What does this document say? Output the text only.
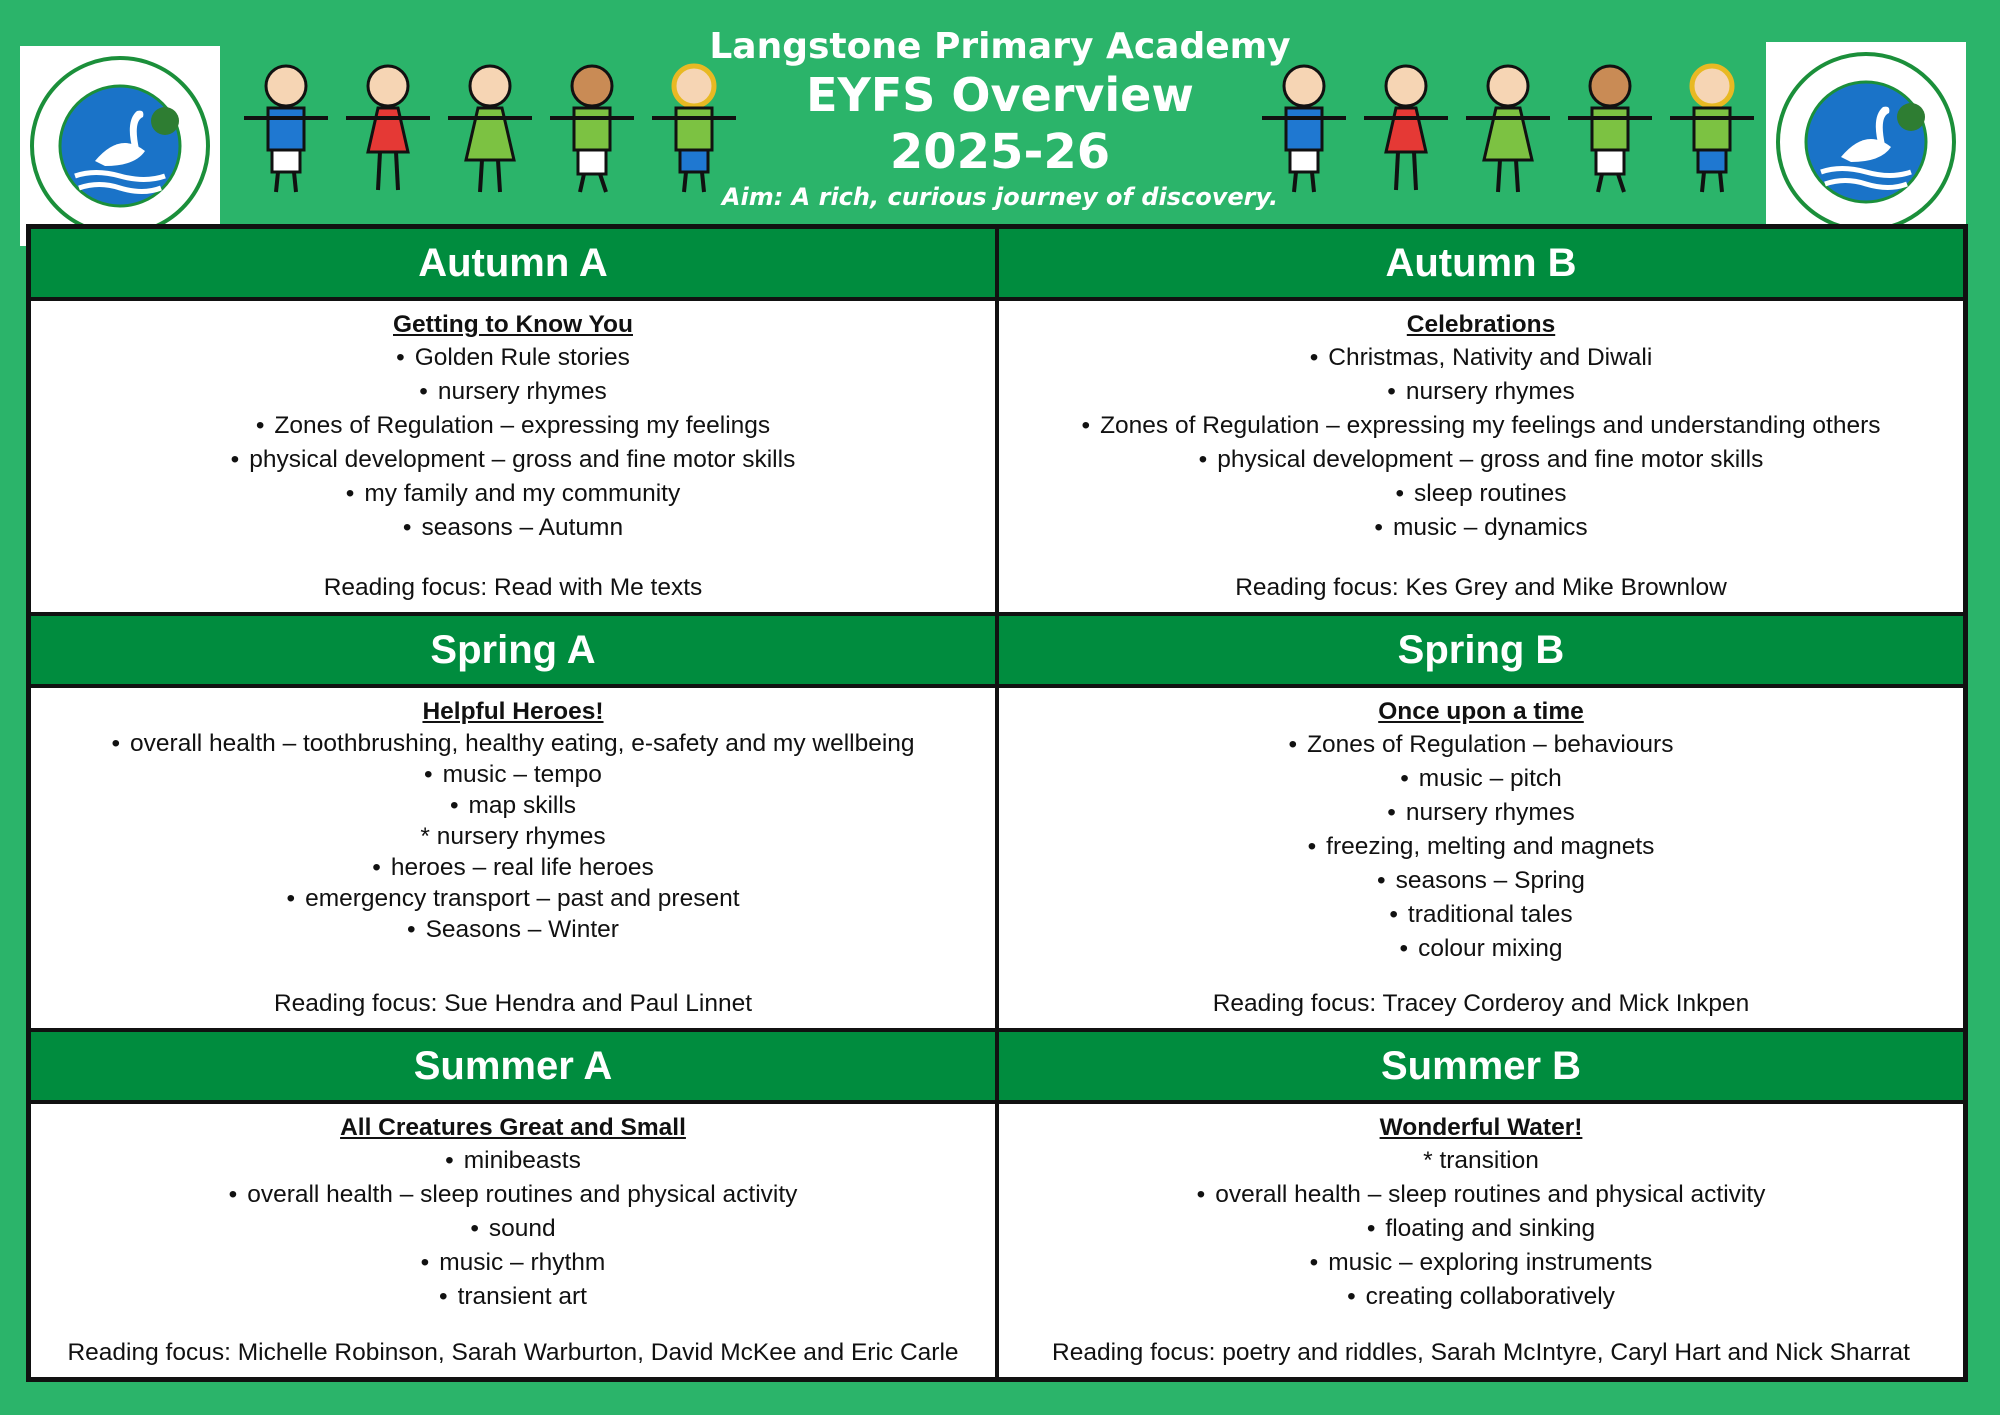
Langstone Primary Academy
EYFS Overview
2025-26
Aim: A rich, curious journey of discovery.
Autumn A	Autumn B
Getting to Know You
• Golden Rule stories
• nursery rhymes
• Zones of Regulation – expressing my feelings
• physical development – gross and fine motor skills
• my family and my community
• seasons – Autumn
Reading focus: Read with Me texts
Celebrations
• Christmas, Nativity and Diwali
• nursery rhymes
• Zones of Regulation – expressing my feelings and understanding others
• physical development – gross and fine motor skills
• sleep routines
• music – dynamics
Reading focus: Kes Grey and Mike Brownlow
Spring A	Spring B
Helpful Heroes!
• overall health – toothbrushing, healthy eating, e-safety and my wellbeing
• music – tempo
• map skills
* nursery rhymes
• heroes – real life heroes
• emergency transport – past and present
• Seasons – Winter
Reading focus: Sue Hendra and Paul Linnet
Once upon a time
• Zones of Regulation – behaviours
• music – pitch
• nursery rhymes
• freezing, melting and magnets
• seasons – Spring
• traditional tales
• colour mixing
Reading focus: Tracey Corderoy and Mick Inkpen
Summer A	Summer B
All Creatures Great and Small
• minibeasts
• overall health – sleep routines and physical activity
• sound
• music – rhythm
• transient art
Reading focus: Michelle Robinson, Sarah Warburton, David McKee and Eric Carle
Wonderful Water!
* transition
• overall health – sleep routines and physical activity
• floating and sinking
• music – exploring instruments
• creating collaboratively
Reading focus: poetry and riddles, Sarah McIntyre, Caryl Hart and Nick Sharrat
